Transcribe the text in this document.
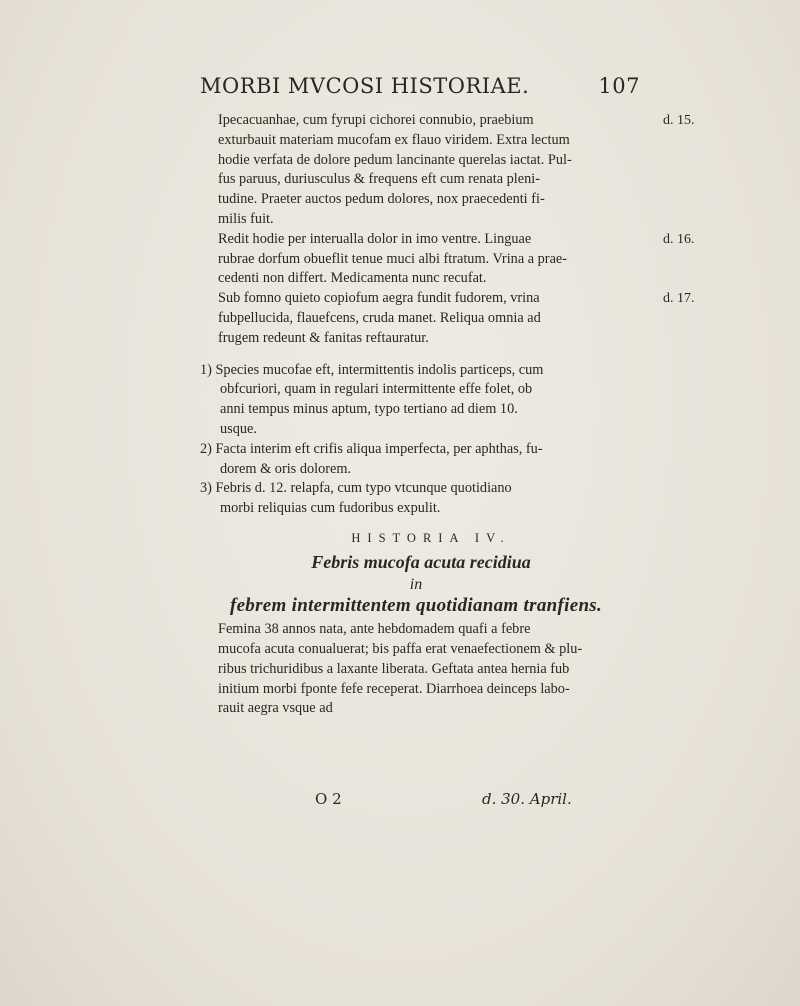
MORBI MVCOSI HISTORIAE.	107
Ipecacuanhae, cum fyrupi cichorei connubio, praebium
exturbauit materiam mucofam ex flauo viridem. Extra lectum
hodie verfata de dolore pedum lancinante querelas iactat. Pul-
fus paruus, duriusculus & frequens eft cum renata pleni-
tudine. Praeter auctos pedum dolores, nox praecedenti fi-
milis fuit.
d. 15.
Redit hodie per interualla dolor in imo ventre. Linguae
rubrae dorfum obueflit tenue muci albi ftratum. Vrina a prae-
cedenti non differt. Medicamenta nunc recufat.
d. 16.
Sub fomno quieto copiofum aegra fundit fudorem, vrina
fubpellucida, flauefcens, cruda manet. Reliqua omnia ad
frugem redeunt & fanitas reftauratur.
d. 17.
1) Species mucofae eft, intermittentis indolis particeps, cum
obfcuriori, quam in regulari intermittente effe folet, ob
anni tempus minus aptum, typo tertiano ad diem 10.
usque.
2) Facta interim eft crifis aliqua imperfecta, per aphthas, fu-
dorem & oris dolorem.
3) Febris d. 12. relapfa, cum typo vtcunque quotidiano
morbi reliquias cum fudoribus expulit.
HISTORIA IV.
Febris mucofa acuta recidiua
in
febrem intermittentem quotidianam tranfiens.
Femina 38 annos nata, ante hebdomadem quafi a febre
mucofa acuta conualuerat; bis paffa erat venaefectionem & plu-
ribus trichuridibus a laxante liberata. Geftata antea hernia fub
initium morbi fponte fefe receperat. Diarrhoea deinceps labo-
rauit aegra vsque ad
O 2	d. 30. April.
